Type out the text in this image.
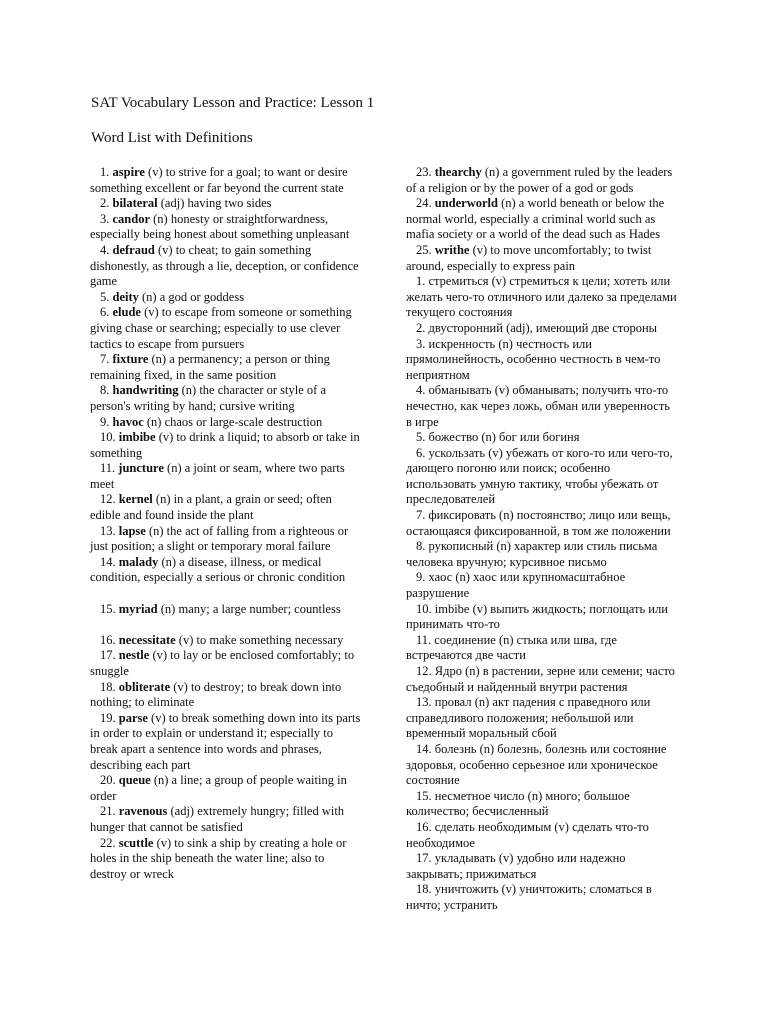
SAT Vocabulary Lesson and Practice: Lesson 1
Word List with Definitions

1. aspire (v) to strive for a goal; to want or desire something excellent or far beyond the current state

2. bilateral (adj) having two sides

3. candor (n) honesty or straightforwardness, especially being honest about something unpleasant

4. defraud (v) to cheat; to gain something dishonestly, as through a lie, deception, or confidence game

5. deity (n) a god or goddess

6. elude (v) to escape from someone or something giving chase or searching; especially to use clever tactics to escape from pursuers

7. fixture (n) a permanency; a person or thing remaining fixed, in the same position

8. handwriting (n) the character or style of a person's writing by hand; cursive writing

9. havoc (n) chaos or large-scale destruction

10. imbibe (v) to drink a liquid; to absorb or take in something

11. juncture (n) a joint or seam, where two parts meet

12. kernel (n) in a plant, a grain or seed; often edible and found inside the plant

13. lapse (n) the act of falling from a righteous or just position; a slight or temporary moral failure

14. malady (n) a disease, illness, or medical condition, especially a serious or chronic condition

15. myriad (n) many; a large number; countless

16. necessitate (v) to make something necessary

17. nestle (v) to lay or be enclosed comfortably; to snuggle

18. obliterate (v) to destroy; to break down into nothing; to eliminate

19. parse (v) to break something down into its parts in order to explain or understand it; especially to break apart a sentence into words and phrases, describing each part

20. queue (n) a line; a group of people waiting in order

21. ravenous (adj) extremely hungry; filled with hunger that cannot be satisfied

22. scuttle (v) to sink a ship by creating a hole or holes in the ship beneath the water line; also to destroy or wreck

23. thearchy (n) a government ruled by the leaders of a religion or by the power of a god or gods

24. underworld (n) a world beneath or below the normal world, especially a criminal world such as mafia society or a world of the dead such as Hades

25. writhe (v) to move uncomfortably; to twist around, especially to express pain

1. стремиться (v) стремиться к цели; хотеть или желать чего-то отличного или далеко за пределами текущего состояния

2. двусторонний (adj), имеющий две стороны

3. искренность (n) честность или прямолинейность, особенно честность в чем-то неприятном

4. обманывать (v) обманывать; получить что-то нечестно, как через ложь, обман или уверенность в игре

5. божество (n) бог или богиня

6. ускользать (v) убежать от кого-то или чего-то, дающего погоню или поиск; особенно использовать умную тактику, чтобы убежать от преследователей

7. фиксировать (n) постоянство; лицо или вещь, остающаяся фиксированной, в том же положении

8. рукописный (n) характер или стиль письма человека вручную; курсивное письмо

9. хаос (n) хаос или крупномасштабное разрушение

10. imbibe (v) выпить жидкость; поглощать или принимать что-то

11. соединение (n) стыка или шва, где встречаются две части

12. Ядро (n) в растении, зерне или семени; часто съедобный и найденный внутри растения

13. провал (n) акт падения с праведного или справедливого положения; небольшой или временный моральный сбой

14. болезнь (n) болезнь, болезнь или состояние здоровья, особенно серьезное или хроническое состояние

15. несметное число (n) много; большое количество; бесчисленный

16. сделать необходимым (v) сделать что-то необходимое

17. укладывать (v) удобно или надежно закрывать; прижиматься

18. уничтожить (v) уничтожить; сломаться в ничто; устранить
